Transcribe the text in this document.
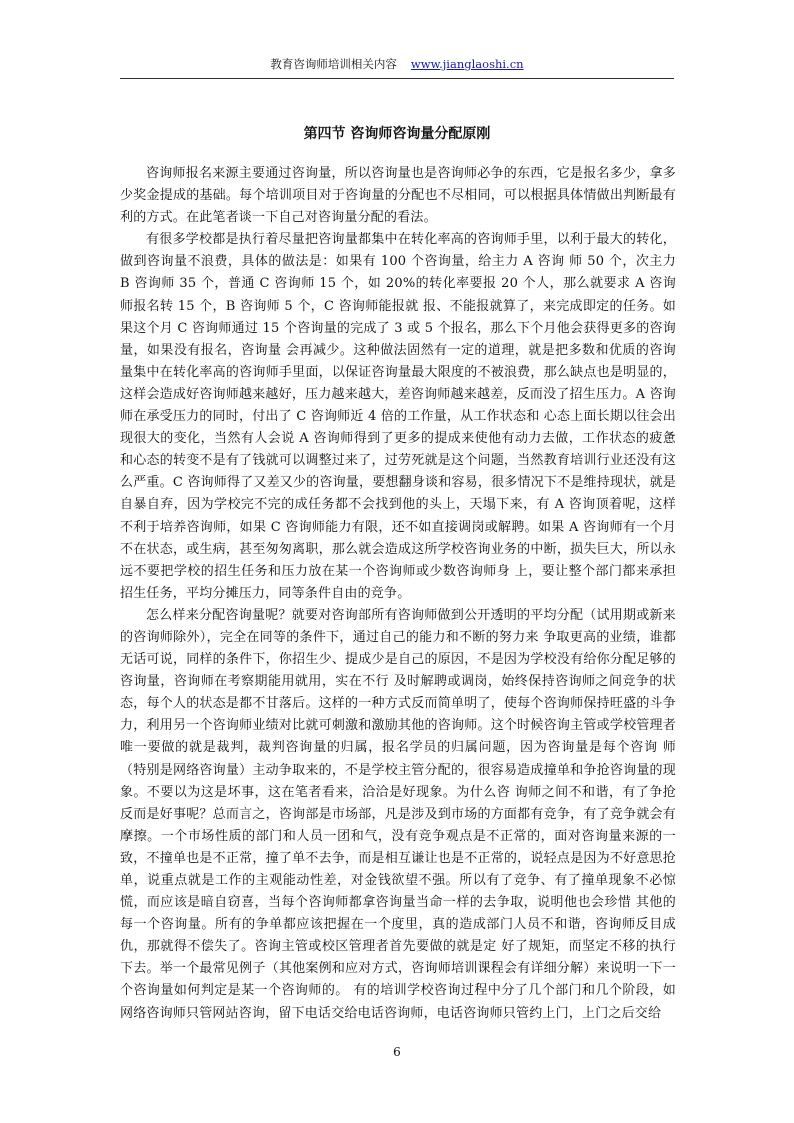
教育咨询师培训相关内容 www.jianglaoshi.cn
第四节 咨询师咨询量分配原刚

咨询师报名来源主要通过咨询量，所以咨询量也是咨询师必争的东西，它是报名多少，拿多少奖金提成的基础。每个培训项目对于咨询量的分配也不尽相同，可以根据具体情做出判断最有利的方式。在此笔者谈一下自己对咨询量分配的看法。

有很多学校都是执行着尽量把咨询量都集中在转化率高的咨询师手里，以利于最大的转化，做到咨询量不浪费，具体的做法是：如果有 100 个咨询量，给主力 A 咨询 师 50 个，次主力 B 咨询师 35 个，普通 C 咨询师 15 个，如 20%的转化率要报 20 个人，那么就要求 A 咨询师报名转 15 个，B 咨询师 5 个，C 咨询师能报就 报、不能报就算了，来完成即定的任务。如果这个月 C 咨询师通过 15 个咨询量的完成了 3 或 5 个报名，那么下个月他会获得更多的咨询量，如果没有报名，咨询量 会再减少。这种做法固然有一定的道理，就是把多数和优质的咨询量集中在转化率高的咨询师手里面，以保证咨询量最大限度的不被浪费，那么缺点也是明显的，这样会造成好咨询师越来越好，压力越来越大，差咨询师越来越差，反而没了招生压力。A 咨询师在承受压力的同时，付出了 C 咨询师近 4 倍的工作量，从工作状态和 心态上面长期以往会出现很大的变化，当然有人会说 A 咨询师得到了更多的提成来使他有动力去做，工作状态的疲惫和心态的转变不是有了钱就可以调整过来了，过劳死就是这个问题，当然教育培训行业还没有这么严重。C 咨询师得了又差又少的咨询量，要想翻身谈和容易，很多情况下不是维持现状，就是自暴自弃，因为学校完不完的成任务都不会找到他的头上，天塌下来，有 A 咨询顶着呢，这样不利于培养咨询师，如果 C 咨询师能力有限，还不如直接调岗或解聘。如果 A 咨询师有一个月不在状态，或生病，甚至匆匆离职，那么就会造成这所学校咨询业务的中断，损失巨大，所以永远不要把学校的招生任务和压力放在某一个咨询师或少数咨询师身 上，要让整个部门都来承担招生任务，平均分摊压力，同等条件自由的竞争。

怎么样来分配咨询量呢？就要对咨询部所有咨询师做到公开透明的平均分配（试用期或新来的咨询师除外），完全在同等的条件下，通过自己的能力和不断的努力来 争取更高的业绩，谁都无话可说，同样的条件下，你招生少、提成少是自己的原因，不是因为学校没有给你分配足够的咨询量，咨询师在考察期能用就用，实在不行 及时解聘或调岗，始终保持咨询师之间竞争的状态，每个人的状态是都不甘落后。这样的一种方式反而简单明了，使每个咨询师保持旺盛的斗争力，利用另一个咨询师业绩对比就可刺激和激励其他的咨询师。这个时候咨询主管或学校管理者唯一要做的就是裁判，裁判咨询量的归属，报名学员的归属问题，因为咨询量是每个咨询 师（特别是网络咨询量）主动争取来的，不是学校主管分配的，很容易造成撞单和争抢咨询量的现象。不要以为这是坏事，这在笔者看来，洽洽是好现象。为什么咨 询师之间不和谐，有了争抢反而是好事呢？总而言之，咨询部是市场部，凡是涉及到市场的方面都有竞争，有了竞争就会有摩擦。一个市场性质的部门和人员一团和气，没有竞争观点是不正常的，面对咨询量来源的一致，不撞单也是不正常，撞了单不去争，而是相互谦让也是不正常的，说轻点是因为不好意思抢单，说重点就是工作的主观能动性差，对金钱欲望不强。所以有了竞争、有了撞单现象不必惊慌，而应该是暗自窃喜，当每个咨询师都拿咨询量当命一样的去争取，说明他也会珍惜 其他的每一个咨询量。所有的争单都应该把握在一个度里，真的造成部门人员不和谐，咨询师反目成仇，那就得不偿失了。咨询主管或校区管理者首先要做的就是定 好了规矩，而坚定不移的执行下去。举一个最常见例子（其他案例和应对方式，咨询师培训课程会有详细分解）来说明一下一个咨询量如何判定是某一个咨询师的。 有的培训学校咨询过程中分了几个部门和几个阶段，如网络咨询师只管网站咨询，留下电话交给电话咨询师，电话咨询师只管约上门，上门之后交给

6
